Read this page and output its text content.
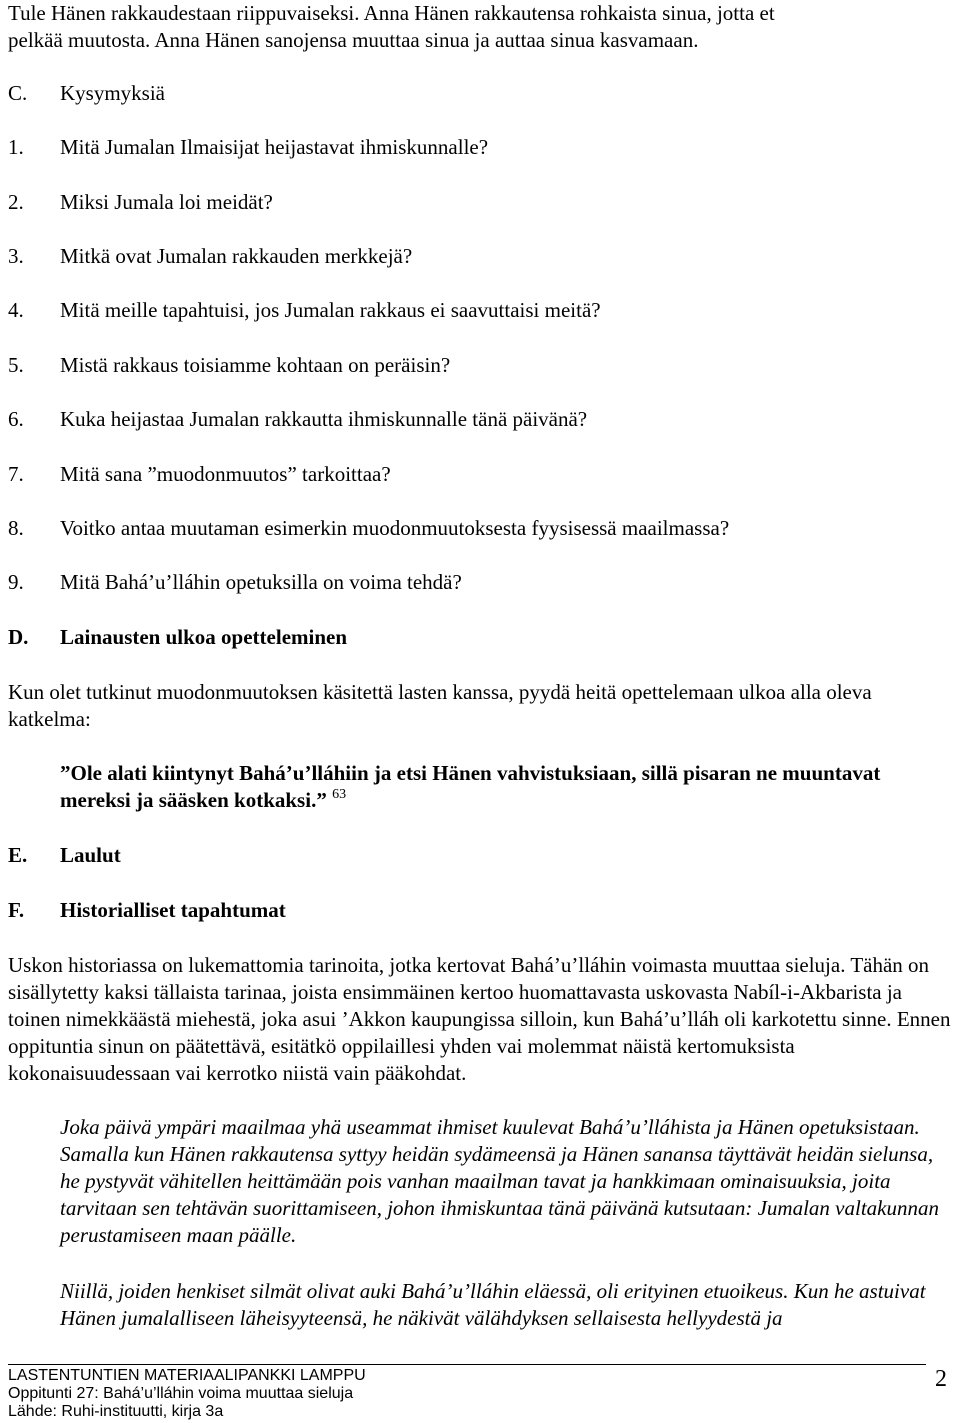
Tule Hänen rakkaudestaan riippuvaiseksi. Anna Hänen rakkautensa rohkaista sinua, jotta et
pelkää muutosta. Anna Hänen sanojensa muuttaa sinua ja auttaa sinua kasvamaan.
C. Kysymyksiä
1. Mitä Jumalan Ilmaisijat heijastavat ihmiskunnalle?
2. Miksi Jumala loi meidät?
3. Mitkä ovat Jumalan rakkauden merkkejä?
4. Mitä meille tapahtuisi, jos Jumalan rakkaus ei saavuttaisi meitä?
5. Mistä rakkaus toisiamme kohtaan on peräisin?
6. Kuka heijastaa Jumalan rakkautta ihmiskunnalle tänä päivänä?
7. Mitä sana ”muodonmuutos” tarkoittaa?
8. Voitko antaa muutaman esimerkin muodonmuutoksesta fyysisessä maailmassa?
9. Mitä Bahá’u’lláhin opetuksilla on voima tehdä?
D. Lainausten ulkoa opetteleminen
Kun olet tutkinut muodonmuutoksen käsitettä lasten kanssa, pyydä heitä opettelemaan ulkoa alla oleva katkelma:
”Ole alati kiintynyt Bahá’u’lláhiin ja etsi Hänen vahvistuksiaan, sillä pisaran ne muuntavat mereksi ja sääsken kotkaksi.” $^{63}$
E. Laulut
F. Historialliset tapahtumat
Uskon historiassa on lukemattomia tarinoita, jotka kertovat Bahá’u’lláhin voimasta muuttaa sieluja. Tähän on sisällytetty kaksi tällaista tarinaa, joista ensimmäinen kertoo huomattavasta uskovasta Nabíl-i-Akbarista ja toinen nimekkäästä miehestä, joka asui ’Akkon kaupungissa silloin, kun Bahá’u’lláh oli karkotettu sinne. Ennen oppituntia sinun on päätettävä, esitätkö oppilaillesi yhden vai molemmat näistä kertomuksista kokonaisuudessaan vai kerrotko niistä vain pääkohdat.
Joka päivä ympäri maailmaa yhä useammat ihmiset kuulevat Bahá’u’lláhista ja Hänen opetuksistaan. Samalla kun Hänen rakkautensa syttyy heidän sydämeensä ja Hänen sanansa täyttävät heidän sielunsa, he pystyvät vähitellen heittämään pois vanhan maailman tavat ja hankkimaan ominaisuuksia, joita tarvitaan sen tehtävän suorittamiseen, johon ihmiskuntaa tänä päivänä kutsutaan: Jumalan valtakunnan perustamiseen maan päälle.
Niillä, joiden henkiset silmät olivat auki Bahá’u’lláhin eläessä, oli erityinen etuoikeus. Kun he astuivat Hänen jumalalliseen läheisyyteensä, he näkivät välähdyksen sellaisesta hellyydestä ja
LASTENTUNTIEN MATERIAALIPANKKI LAMPPU
Oppitunti 27: Bahá’u’lláhin voima muuttaa sieluja
Lähde: Ruhi-instituutti, kirja 3a
2
